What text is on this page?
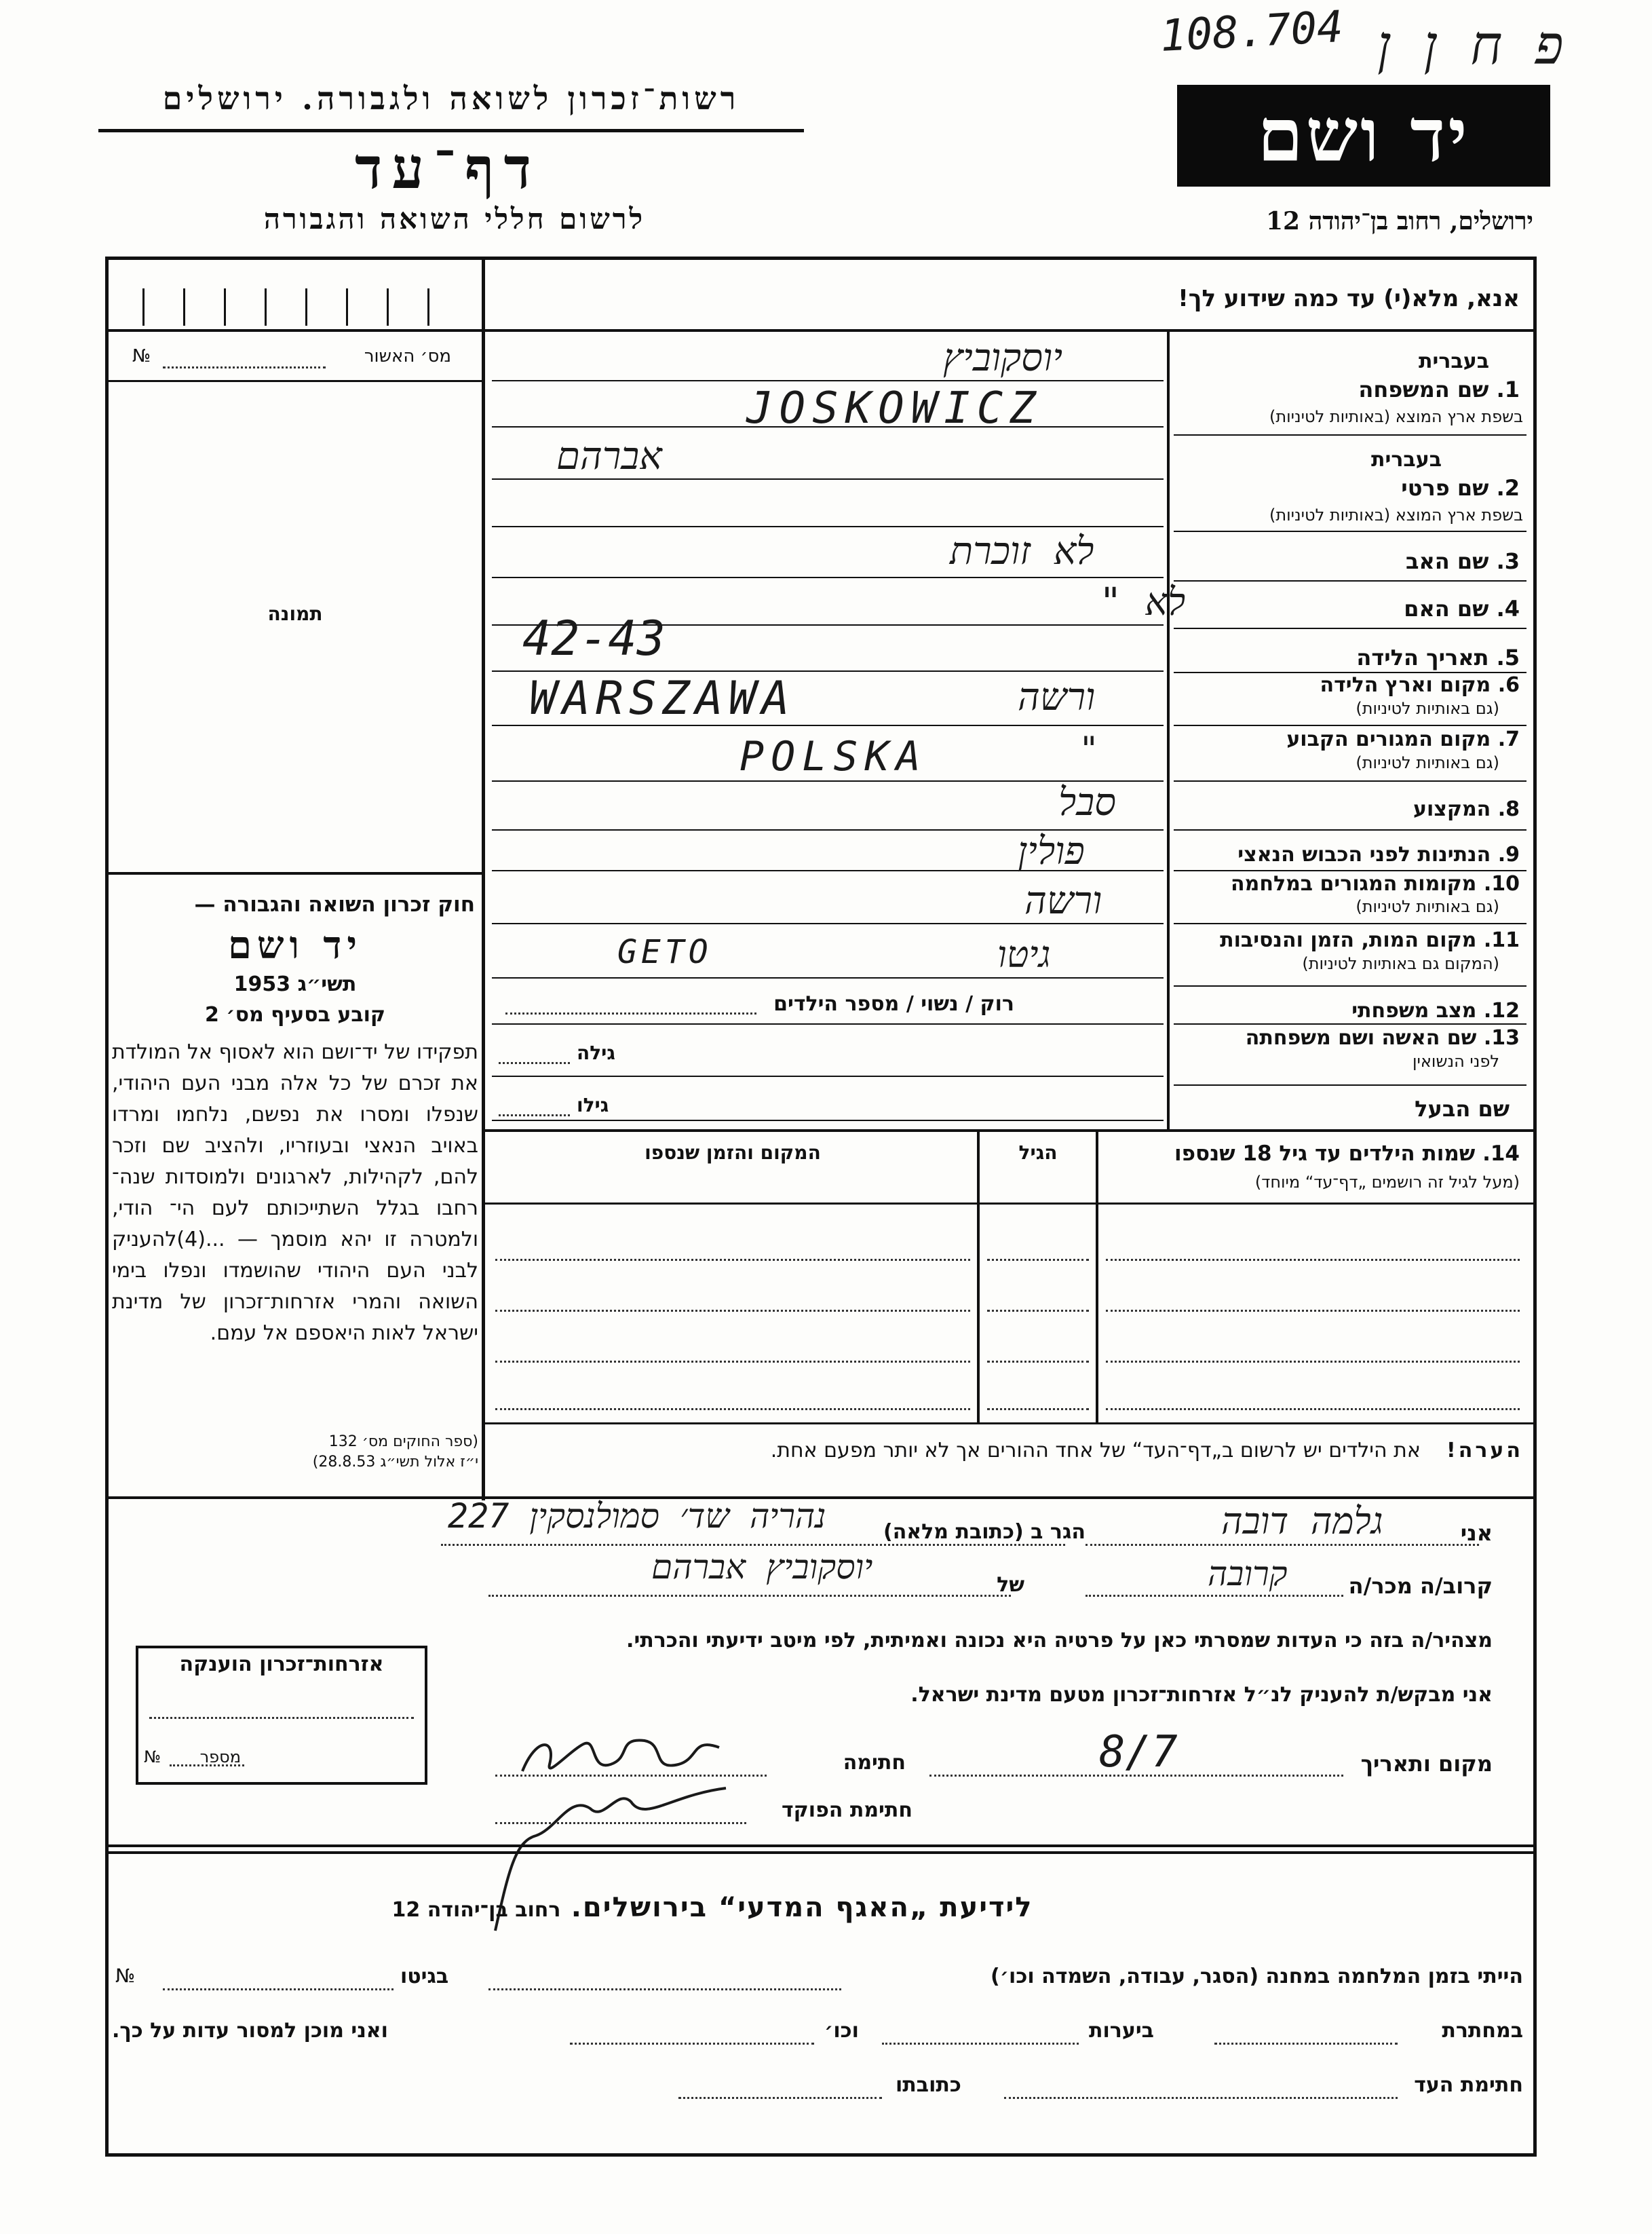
108.704 פ ח ן ן
רשות־זכרון לשואה ולגבורה. ירושלים
דף־עד
לרשום חללי השואה והגבורה
יד ושם
ירושלים, רחוב בן־יהודה 12
אנא, מלא(י) עד כמה שידוע לך!
מס׳ האשור
№
תמונה
חוק זכרון השואה והגבורה —
יד ושם
תשי״ג 1953
קובע בסעיף מס׳ 2
תפקידו של יד־ושם הוא לאסוף אל המולדת את זכרם של כל אלה מבני העם היהודי, שנפלו ומסרו את נפשם, נלחמו ומרדו באויב הנאצי ובעוזריו, ולהציב שם וזכר להם, לקהילות, לארגונים ולמוסדות שנה־ רחבו בגלל השתייכותם לעם הי־ הודי, ולמטרה זו יהא מוסמך — ...(4)להעניק לבני העם היהודי שהושמדו ונפלו בימי השואה והמרי אזרחות־זכרון של מדינת ישראל לאות היאספם אל עמם.
(ספר החוקים מס׳ 132
י״ז אלול תשי״ג 28.8.53)
בעברית
1. שם המשפחה
בשפת ארץ המוצא (באותיות לטיניות)
בעברית
2. שם פרטי
בשפת ארץ המוצא (באותיות לטיניות)
3. שם האב
4. שם האם
5. תאריך הלידה
6. מקום וארץ הלידה
(גם באותיות לטיניות)
7. מקום המגורים הקבוע
(גם באותיות לטיניות)
8. המקצוע
9. הנתינות לפני הכבוש הנאצי
10. מקומות המגורים במלחמה
(גם באותיות לטיניות)
11. מקום המות, הזמן והנסיבות
(המקום גם באותיות לטיניות)
12. מצב משפחתי
13. שם האשה ושם משפחתה
לפני הנשואין
שם הבעל
יוסקוביץ
JOSKOWICZ
אברהם
לא זוכרת
לא "
42-43
ורשה
WARSZAWA
"
POLSKA
סבל
פולין
ורשה
GETO	גיטו
רוק / נשוי / מספר הילדים
גילה
גילו
14. שמות הילדים עד גיל 18 שנספו
(מעל לגיל זה רושמים „דף־עד“ מיוחד)
הגיל
המקום והזמן שנספו
הערה!    את הילדים יש לרשום ב„דף־העד“ של אחד ההורים אך לא יותר מפעם אחת.
אני
גלמה דובה
הגר ב (כתובת מלאה)
נהריה שד׳ סמולנסקין 227
קרוב/ה מכר/ה
קרובה
של
יוסקוביץ אברהם
מצהיר/ה בזה כי העדות שמסרתי כאן על פרטיה היא נכונה ואמיתית, לפי מיטב ידיעתי והכרתי.
אני מבקש/ת להעניק לנ״ל אזרחות־זכרון מטעם מדינת ישראל.
מקום ותאריך
8/7
חתימה
חתימת הפוקד
אזרחות־זכרון הוענקה
מספר
№
לידיעת „האגף המדעי“ בירושלים.   רחוב בן־יהודה 12
הייתי בזמן המלחמה במחנה (הסגר, עבודה, השמדה וכו׳)
בגיטו
№
במחתרת
ביערות
וכו׳
ואני מוכן למסור עדות על כך.
חתימת העד
כתובתו
